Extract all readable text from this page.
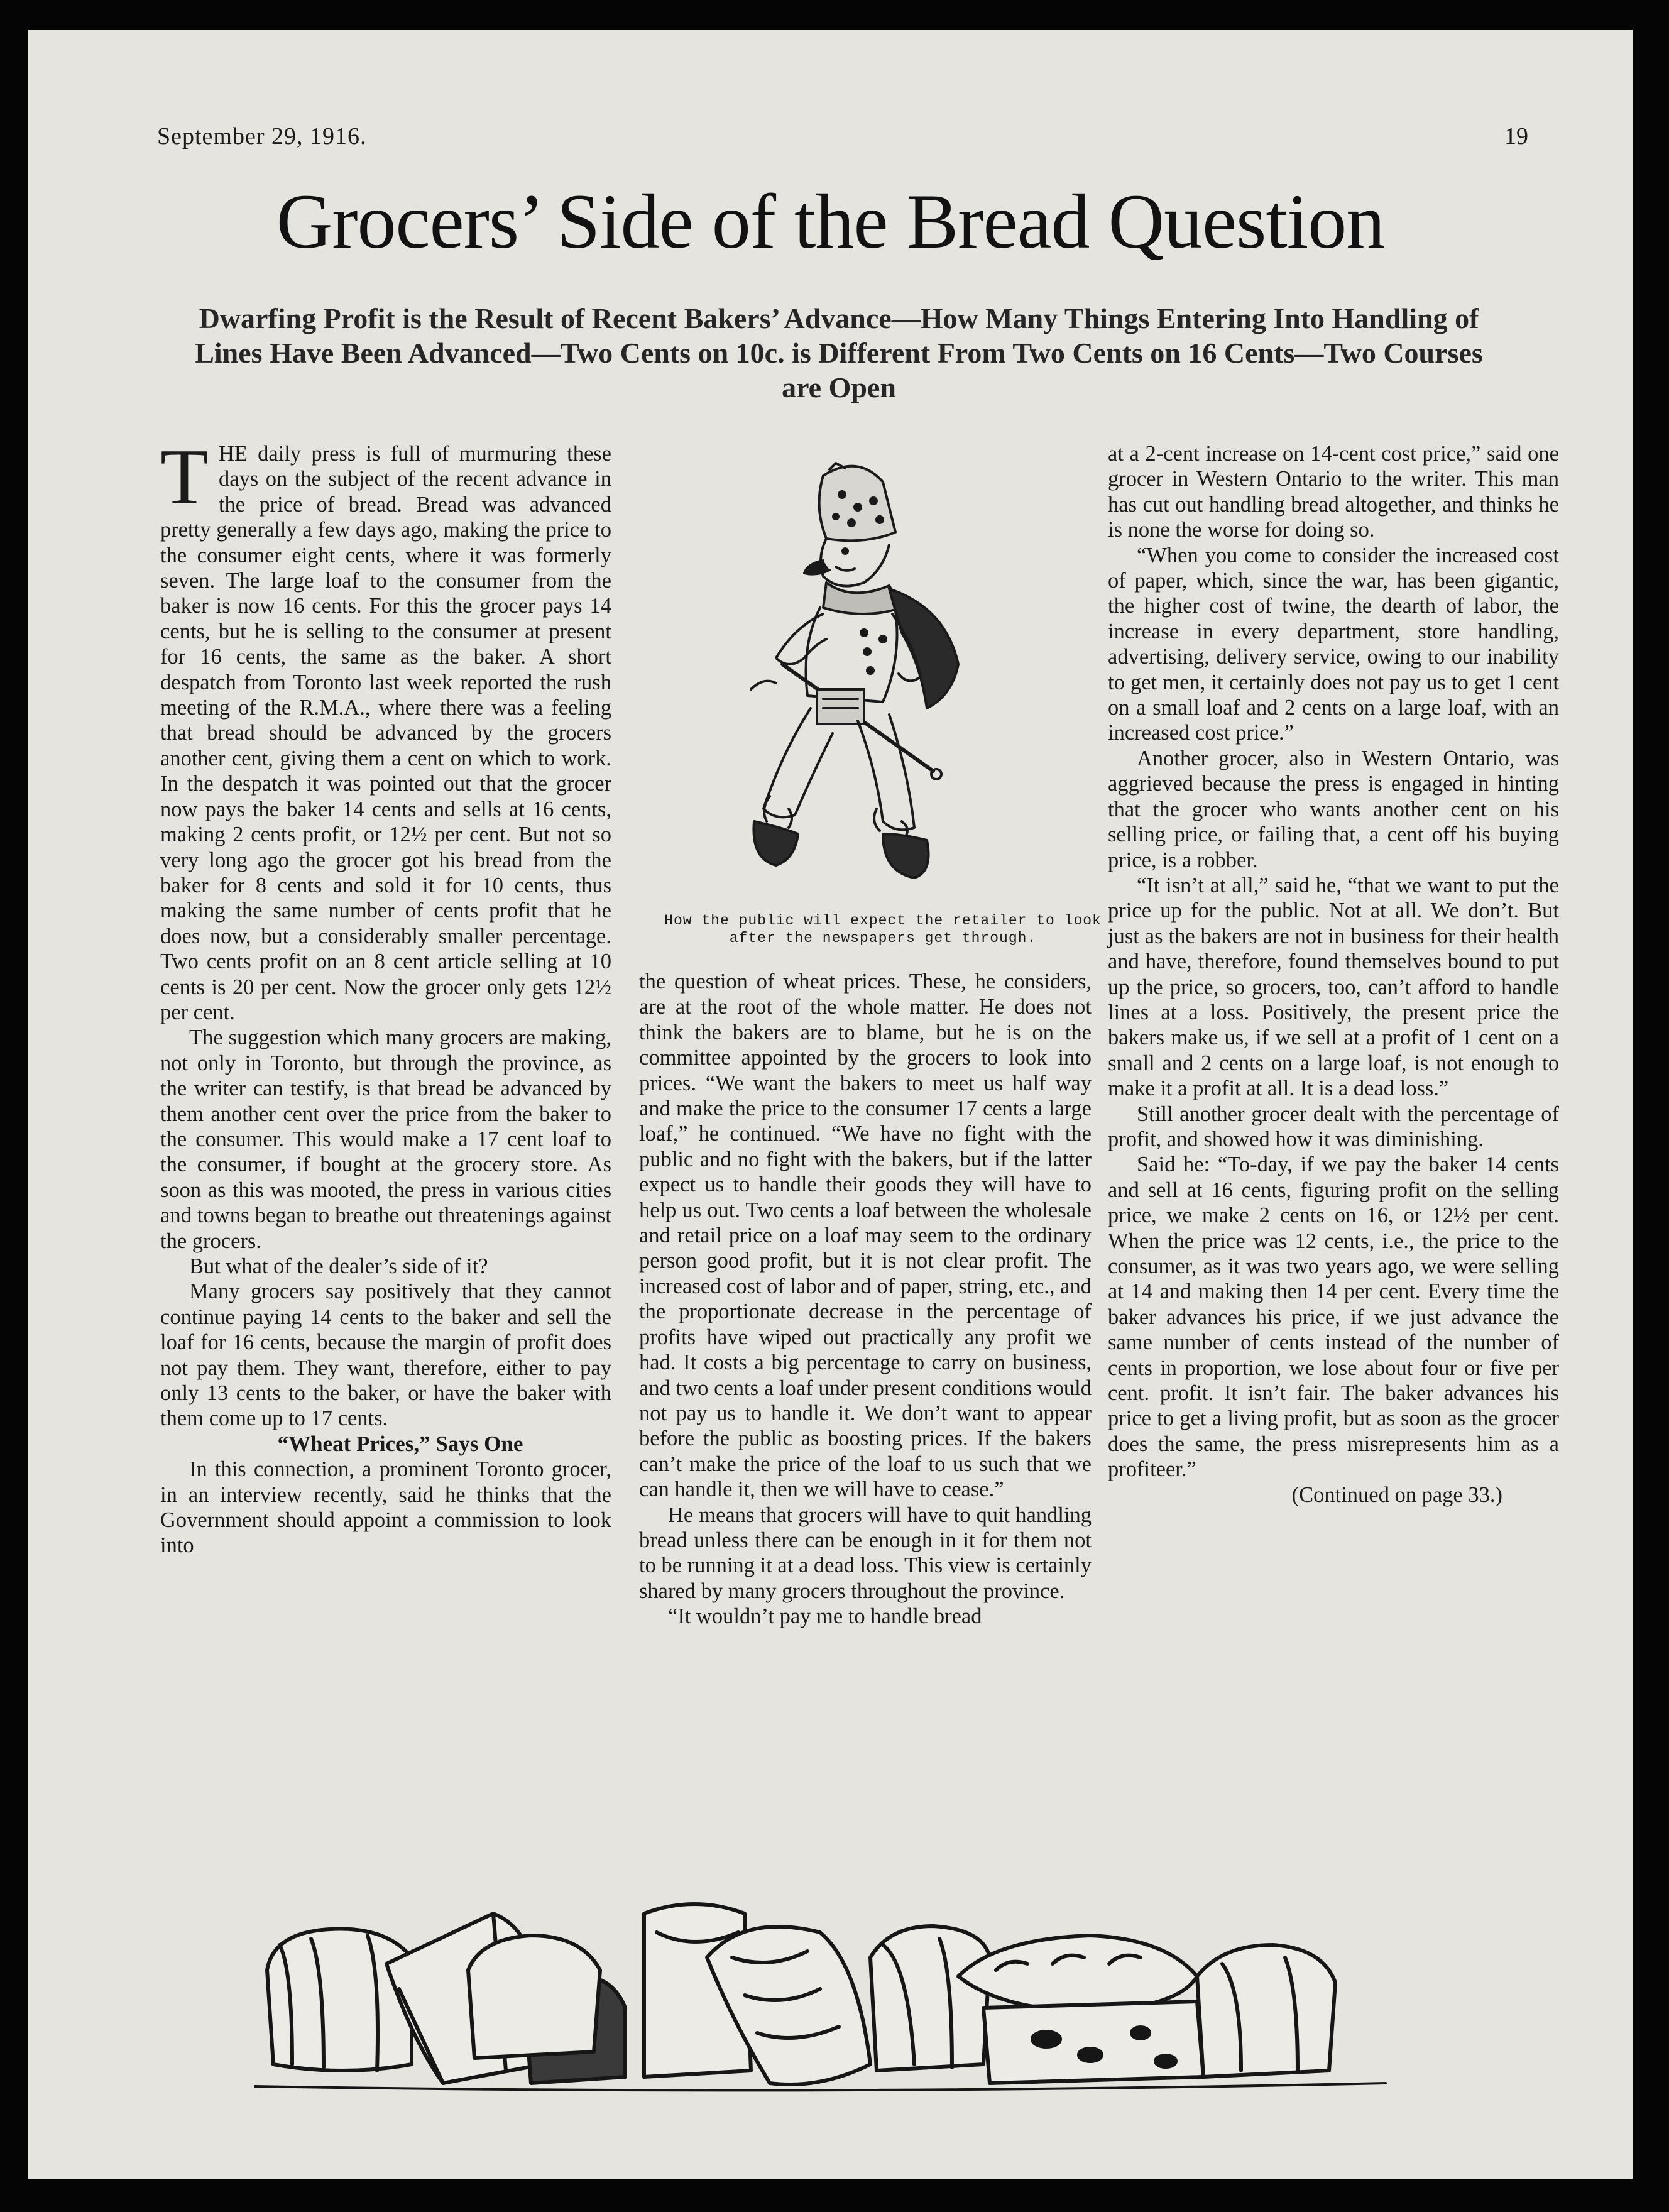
September 29, 1916.	19
Grocers’ Side of the Bread Question
Dwarfing Profit is the Result of Recent Bakers’ Advance—How Many Things Entering Into Handling of Lines Have Been Advanced—Two Cents on 10c. is Different From Two Cents on 16 Cents—Two Courses are Open

THE daily press is full of murmuring these days on the subject of the recent advance in the price of bread. Bread was advanced pretty generally a few days ago, making the price to the consumer eight cents, where it was formerly seven. The large loaf to the consumer from the baker is now 16 cents. For this the grocer pays 14 cents, but he is selling to the consumer at present for 16 cents, the same as the baker. A short despatch from Toronto last week reported the rush meeting of the R.M.A., where there was a feeling that bread should be advanced by the grocers another cent, giving them a cent on which to work. In the despatch it was pointed out that the grocer now pays the baker 14 cents and sells at 16 cents, making 2 cents profit, or 12½ per cent. But not so very long ago the grocer got his bread from the baker for 8 cents and sold it for 10 cents, thus making the same number of cents profit that he does now, but a considerably smaller percentage. Two cents profit on an 8 cent article selling at 10 cents is 20 per cent. Now the grocer only gets 12½ per cent.

The suggestion which many grocers are making, not only in Toronto, but through the province, as the writer can testify, is that bread be advanced by them another cent over the price from the baker to the consumer. This would make a 17 cent loaf to the consumer, if bought at the grocery store. As soon as this was mooted, the press in various cities and towns began to breathe out threatenings against the grocers.

But what of the dealer’s side of it?

Many grocers say positively that they cannot continue paying 14 cents to the baker and sell the loaf for 16 cents, because the margin of profit does not pay them. They want, therefore, either to pay only 13 cents to the baker, or have the baker with them come up to 17 cents.

“Wheat Prices,” Says One

In this connection, a prominent Toronto grocer, in an interview recently, said he thinks that the Government should appoint a commission to look into

How the public will expect the retailer to look after the newspapers get through.

the question of wheat prices. These, he considers, are at the root of the whole matter. He does not think the bakers are to blame, but he is on the committee appointed by the grocers to look into prices. “We want the bakers to meet us half way and make the price to the consumer 17 cents a large loaf,” he continued. “We have no fight with the public and no fight with the bakers, but if the latter expect us to handle their goods they will have to help us out. Two cents a loaf between the wholesale and retail price on a loaf may seem to the ordinary person good profit, but it is not clear profit. The increased cost of labor and of paper, string, etc., and the proportionate decrease in the percentage of profits have wiped out practically any profit we had. It costs a big percentage to carry on business, and two cents a loaf under present conditions would not pay us to handle it. We don’t want to appear before the public as boosting prices. If the bakers can’t make the price of the loaf to us such that we can handle it, then we will have to cease.”

He means that grocers will have to quit handling bread unless there can be enough in it for them not to be running it at a dead loss. This view is certainly shared by many grocers throughout the province.

“It wouldn’t pay me to handle bread

at a 2-cent increase on 14-cent cost price,” said one grocer in Western Ontario to the writer. This man has cut out handling bread altogether, and thinks he is none the worse for doing so.

“When you come to consider the increased cost of paper, which, since the war, has been gigantic, the higher cost of twine, the dearth of labor, the increase in every department, store handling, advertising, delivery service, owing to our inability to get men, it certainly does not pay us to get 1 cent on a small loaf and 2 cents on a large loaf, with an increased cost price.”

Another grocer, also in Western Ontario, was aggrieved because the press is engaged in hinting that the grocer who wants another cent on his selling price, or failing that, a cent off his buying price, is a robber.

“It isn’t at all,” said he, “that we want to put the price up for the public. Not at all. We don’t. But just as the bakers are not in business for their health and have, therefore, found themselves bound to put up the price, so grocers, too, can’t afford to handle lines at a loss. Positively, the present price the bakers make us, if we sell at a profit of 1 cent on a small and 2 cents on a large loaf, is not enough to make it a profit at all. It is a dead loss.”

Still another grocer dealt with the percentage of profit, and showed how it was diminishing.

Said he: “To-day, if we pay the baker 14 cents and sell at 16 cents, figuring profit on the selling price, we make 2 cents on 16, or 12½ per cent. When the price was 12 cents, i.e., the price to the consumer, as it was two years ago, we were selling at 14 and making then 14 per cent. Every time the baker advances his price, if we just advance the same number of cents instead of the number of cents in proportion, we lose about four or five per cent. profit. It isn’t fair. The baker advances his price to get a living profit, but as soon as the grocer does the same, the press misrepresents him as a profiteer.”

(Continued on page 33.)
